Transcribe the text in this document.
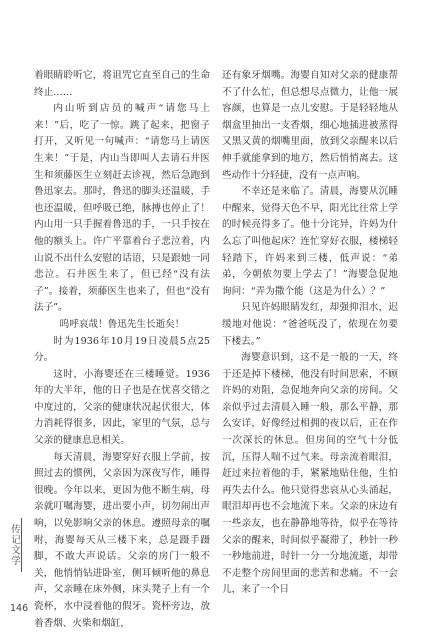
着眼睛聆听它，将诅咒它直至自己的生命终止……

内山听到店员的喊声“请您马上来！”后，吃了一惊。跳了起来，把窗子打开，又听见一句喊声：“请您马上请医生来！”于是，内山当即叫人去请石井医生和须藤医生立刻赶去诊视，然后急跑到鲁迅家去。那时，鲁迅的脚头还温暖，手也还温暖，但呼吸已绝，脉搏也停止了！内山用一只手握着鲁迅的手，一只手按在他的额头上。许广平靠着台子悲泣着，内山说不出什么安慰的话语，只是跟她一同悲泣。石井医生来了，但已经“没有法子”。接着，须藤医生也来了，但也“没有法子”。

呜呼哀哉！鲁迅先生长逝矣！

时为1936年10月19日凌晨5点25分。

这时，小海婴还在三楼睡觉。1936年的大半年，他的日子也是在忧喜交错之中度过的，父亲的健康状况起伏很大，体力消耗得很多，因此，家里的气氛，总与父亲的健康息息相关。

每天清晨，海婴穿好衣服上学前，按照过去的惯例，父亲因为深夜写作，睡得很晚。今年以来，更因为他不断生病，母亲就叮嘱海婴，进出要小声，切勿闹出声响，以免影响父亲的休息。遵照母亲的嘱咐，海婴每天从三楼下来，总是蹑手蹑脚，不敢大声说话。父亲的房门一般不关，他悄悄钻进卧室，侧耳倾听他的鼻息声，父亲睡在床外侧，床头凳子上有一个瓷杯，水中浸着他的假牙。瓷杯旁边，放着香烟、火柴和烟缸，

还有象牙烟嘴。海婴自知对父亲的健康帮不了什么忙，但总想尽点微力，让他一展容颜，也算是一点儿安慰。于是轻轻地从烟盒里抽出一支香烟，细心地插进被蒸得又黑又黄的烟嘴里面，放到父亲醒来以后伸手就能拿到的地方，然后悄悄离去。这些动作十分轻捷，没有一点声响。

不幸还是来临了。清晨，海婴从沉睡中醒来，觉得天色不早，阳光比往常上学的时候亮得多了。他十分诧异，许妈为什么忘了叫他起床？连忙穿好衣服，楼梯轻轻踏下，许妈来到三楼，低声说：“弟弟，今朝侬勿要上学去了！”海婴急促地询问：“弄为撒个能（这是为什么）？”

只见许妈眼睛发红，却强抑泪水，迟缓地对他说：“爸爸呒没了，侬现在勿要下楼去。”

海婴意识到，这不是一般的一天，终于还是掉下楼梯，他没有时间思索，不顾许妈的劝阻，急促地奔向父亲的房间。父亲似乎过去清晨入睡一般，那么平静，那么安详，好像经过相拥的夜以后，正在作一次深长的休息。但房间的空气十分低沉，压得人喘不过气来。母亲流着眼泪，赶过来拉着他的手，紧紧地贴住他，生怕再失去什么。他只觉得悲哀从心头涌起，眼泪却再也不会地流下来。父亲的床边有一些亲友，也在静静地等待，似乎在等待父亲的醒来，时间似乎凝滞了，秒针一秒一秒地前进，时针一分一分地流逝，却带不走整个房间里面的悲苦和悲痛。不一会儿，来了一个日

传记文学
146
